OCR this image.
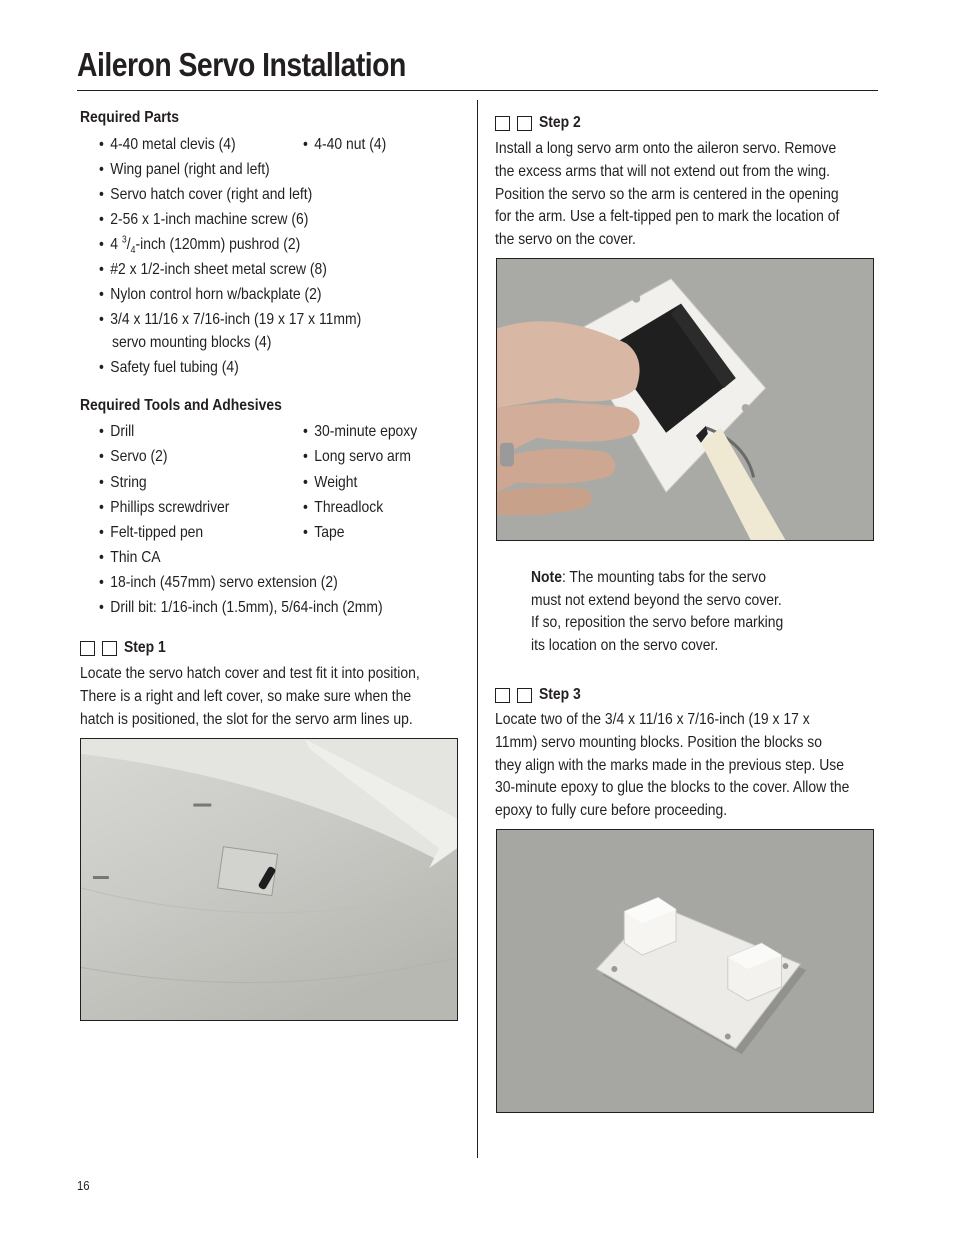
Aileron Servo Installation
Required Parts
• 4-40 metal clevis (4)	• 4-40 nut (4)
• Wing panel (right and left)
• Servo hatch cover (right and left)
• 2-56 x 1-inch machine screw (6)
• 4 $^3/_4$-inch (120mm) pushrod (2)
• #2 x 1/2-inch sheet metal screw (8)
• Nylon control horn w/backplate (2)
• 3/4 x 11/16 x 7/16-inch (19 x 17 x 11mm)
servo mounting blocks (4)
• Safety fuel tubing (4)
Required Tools and Adhesives
• Drill	• 30-minute epoxy
• Servo (2)	• Long servo arm
• String	• Weight
• Phillips screwdriver	• Threadlock
• Felt-tipped pen	• Tape
• Thin CA
• 18-inch (457mm) servo extension (2)
• Drill bit: 1/16-inch (1.5mm), 5/64-inch (2mm)
Step 1
Locate the servo hatch cover and test fit it into position,
There is a right and left cover, so make sure when the
hatch is positioned, the slot for the servo arm lines up.
Step 2
Install a long servo arm onto the aileron servo. Remove
the excess arms that will not extend out from the wing.
Position the servo so the arm is centered in the opening
for the arm. Use a felt-tipped pen to mark the location of
the servo on the cover.
Note: The mounting tabs for the servo
must not extend beyond the servo cover.
If so, reposition the servo before marking
its location on the servo cover.
Step 3
Locate two of the 3/4 x 11/16 x 7/16-inch (19 x 17 x
11mm) servo mounting blocks. Position the blocks so
they align with the marks made in the previous step. Use
30-minute epoxy to glue the blocks to the cover. Allow the
epoxy to fully cure before proceeding.
16
